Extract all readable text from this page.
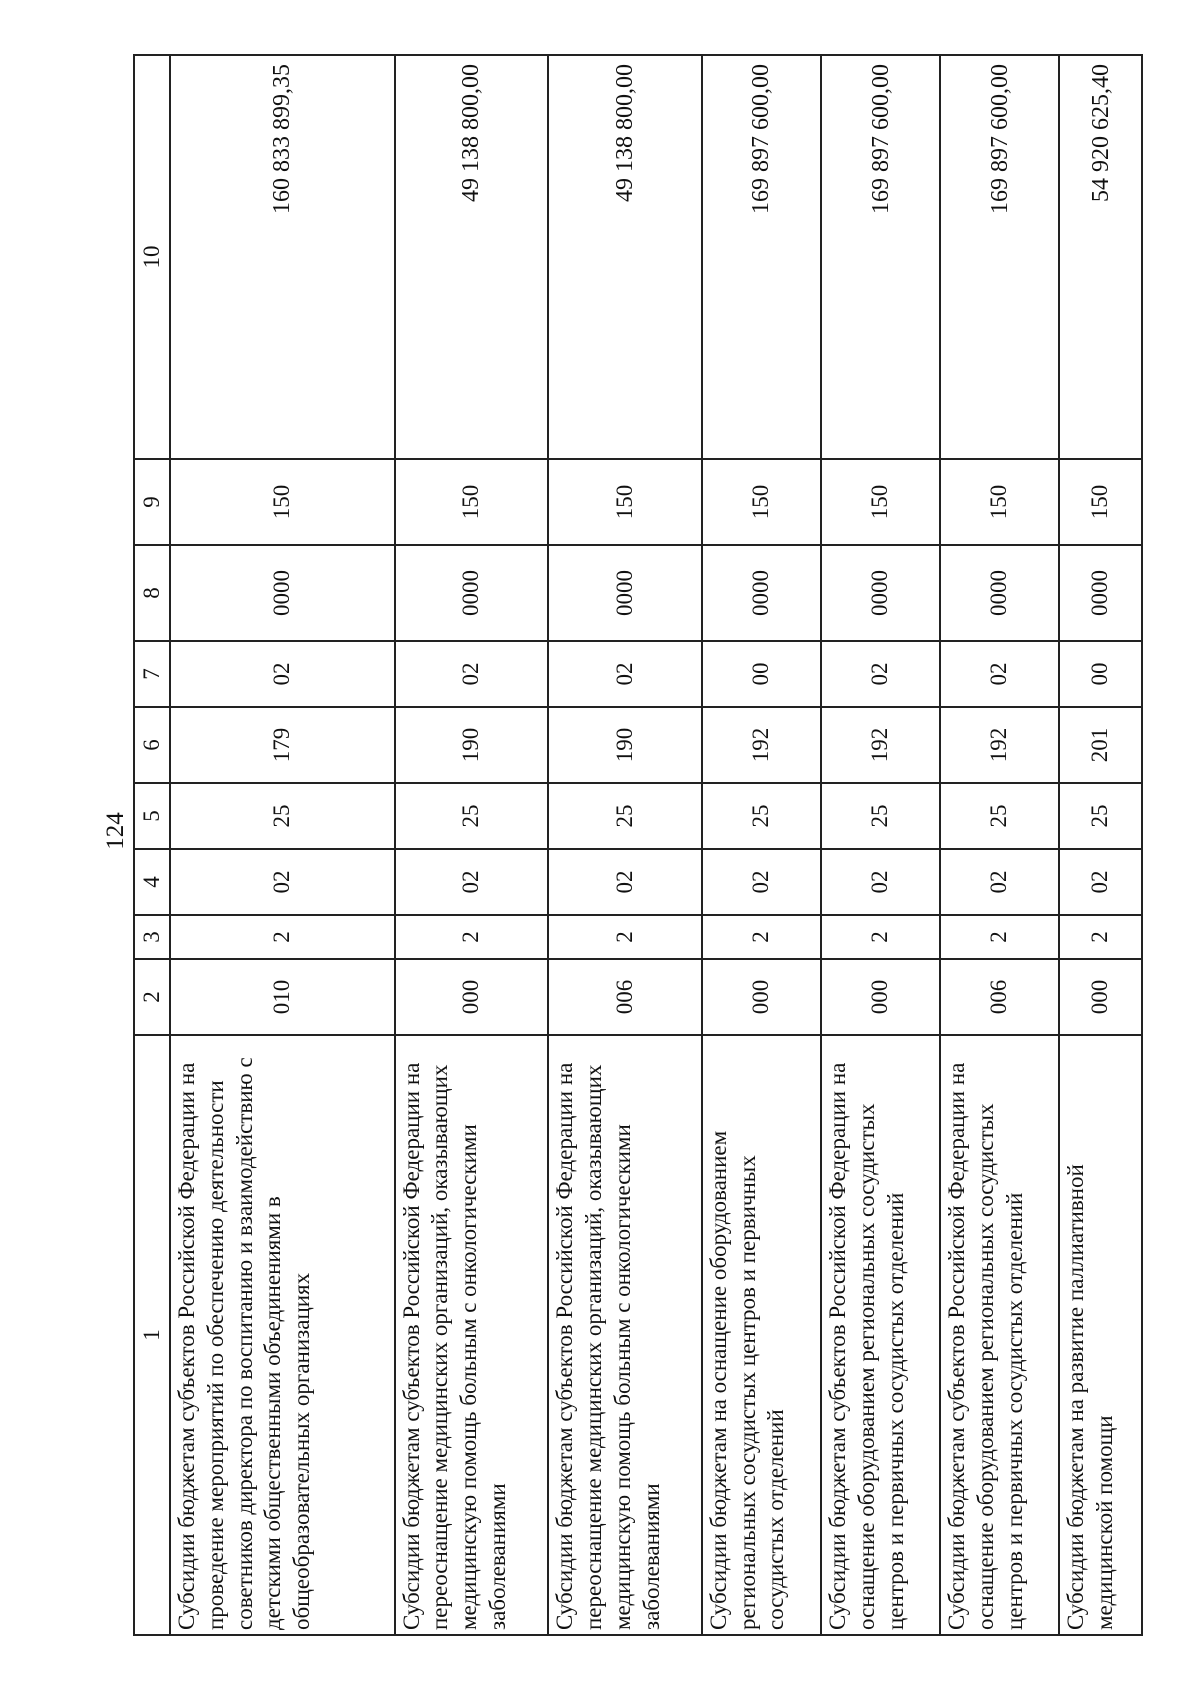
124
1	2	3	4	5	6	7	8	9	10
Субсидии бюджетам субъектов Российской Федерации на проведение мероприятий по обеспечению деятельности советников директора по воспитанию и взаимодействию с детскими общественными объединениями в общеобразовательных организациях	010	2	02	25	179	02	0000	150	160 833 899,35
Субсидии бюджетам субъектов Российской Федерации на переоснащение медицинских организаций, оказывающих медицинскую помощь больным с онкологическими заболеваниями	000	2	02	25	190	02	0000	150	49 138 800,00
Субсидии бюджетам субъектов Российской Федерации на переоснащение медицинских организаций, оказывающих медицинскую помощь больным с онкологическими заболеваниями	006	2	02	25	190	02	0000	150	49 138 800,00
Субсидии бюджетам на оснащение оборудованием региональных сосудистых центров и первичных сосудистых отделений	000	2	02	25	192	00	0000	150	169 897 600,00
Субсидии бюджетам субъектов Российской Федерации на оснащение оборудованием региональных сосудистых центров и первичных сосудистых отделений	000	2	02	25	192	02	0000	150	169 897 600,00
Субсидии бюджетам субъектов Российской Федерации на оснащение оборудованием региональных сосудистых центров и первичных сосудистых отделений	006	2	02	25	192	02	0000	150	169 897 600,00
Субсидии бюджетам на развитие паллиативной медицинской помощи	000	2	02	25	201	00	0000	150	54 920 625,40
